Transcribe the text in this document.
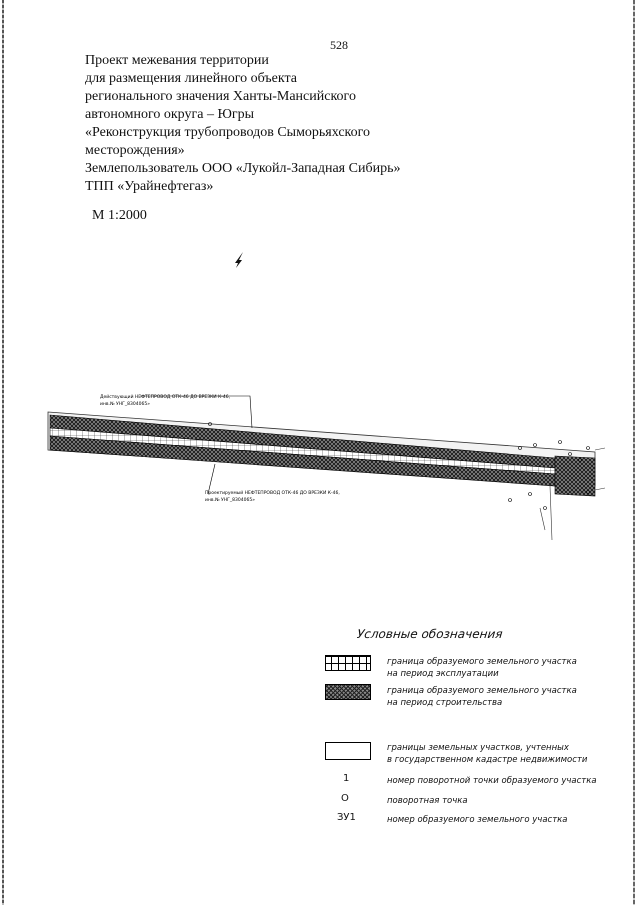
528
Проект межевания территории
для размещения линейного объекта
регионального значения Ханты-Мансийского
автономного округа – Югры
«Реконструкция трубопроводов Сыморьяхского
месторождения»
Землепользователь ООО «Лукойл-Западная Сибирь»
ТПП «Урайнефтегаз»
М 1:2000
Действующий НЕФТЕПРОВОД ОТК-46 ДО ВРЕЗКИ К-46,
инв.№ УНГ_8304065»
Проектируемый НЕФТЕПРОВОД ОТК-46 ДО ВРЕЗКИ К-46,
инв.№ УНГ_8304065»
Условные обозначения
граница образуемого земельного участка
на период эксплуатации
граница образуемого земельного участка
на период строительства
границы земельных участков, учтенных
в государственном кадастре недвижимости
1	номер поворотной точки образуемого участка
O	поворотная точка
ЗУ1	номер образуемого земельного участка
